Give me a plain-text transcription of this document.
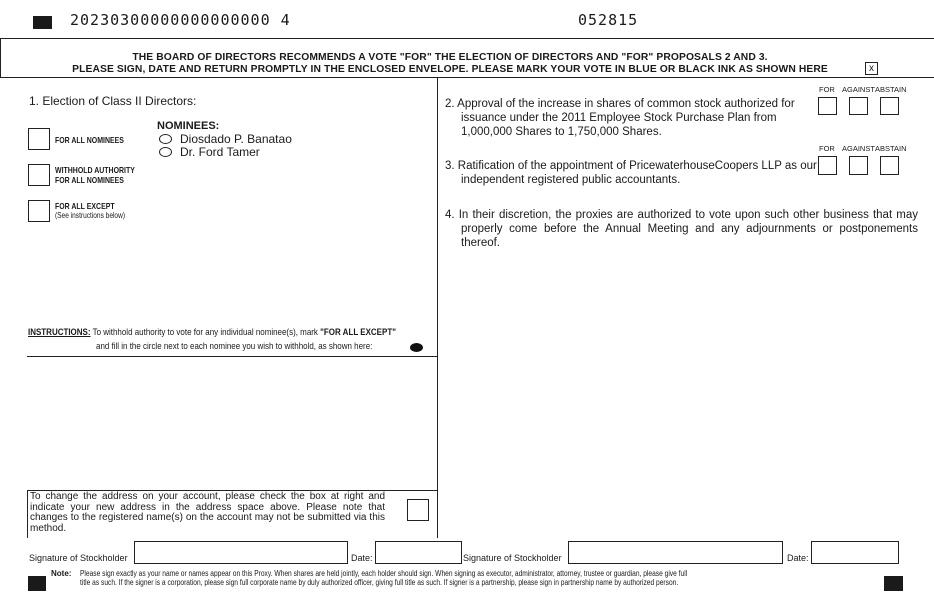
20230300000000000000 4	052815
THE BOARD OF DIRECTORS RECOMMENDS A VOTE "FOR" THE ELECTION OF DIRECTORS AND "FOR" PROPOSALS 2 AND 3.
PLEASE SIGN, DATE AND RETURN PROMPTLY IN THE ENCLOSED ENVELOPE. PLEASE MARK YOUR VOTE IN BLUE OR BLACK INK AS SHOWN HERE	x
1. Election of Class II Directors:
FOR ALL NOMINEES
WITHHOLD AUTHORITY
FOR ALL NOMINEES
FOR ALL EXCEPT
(See instructions below)
NOMINEES:
Diosdado P. Banatao
Dr. Ford Tamer
INSTRUCTIONS: To withhold authority to vote for any individual nominee(s), mark "FOR ALL EXCEPT"
and fill in the circle next to each nominee you wish to withhold, as shown here:
To change the address on your account, please check the box at right and indicate your new address in the address space above. Please note that changes to the registered name(s) on the account may not be submitted via this method.
FOR AGAINST ABSTAIN
2. Approval of the increase in shares of common stock authorized for issuance under the 2011 Employee Stock Purchase Plan from 1,000,000 Shares to 1,750,000 Shares.
FOR AGAINST ABSTAIN
3. Ratification of the appointment of PricewaterhouseCoopers LLP as our independent registered public accountants.
4. In their discretion, the proxies are authorized to vote upon such other business that may properly come before the Annual Meeting and any adjournments or postponements thereof.
Signature of Stockholder	Date:	Signature of Stockholder	Date:
Note: Please sign exactly as your name or names appear on this Proxy. When shares are held jointly, each holder should sign. When signing as executor, administrator, attorney, trustee or guardian, please give full
title as such. If the signer is a corporation, please sign full corporate name by duly authorized officer, giving full title as such. If signer is a partnership, please sign in partnership name by authorized person.
